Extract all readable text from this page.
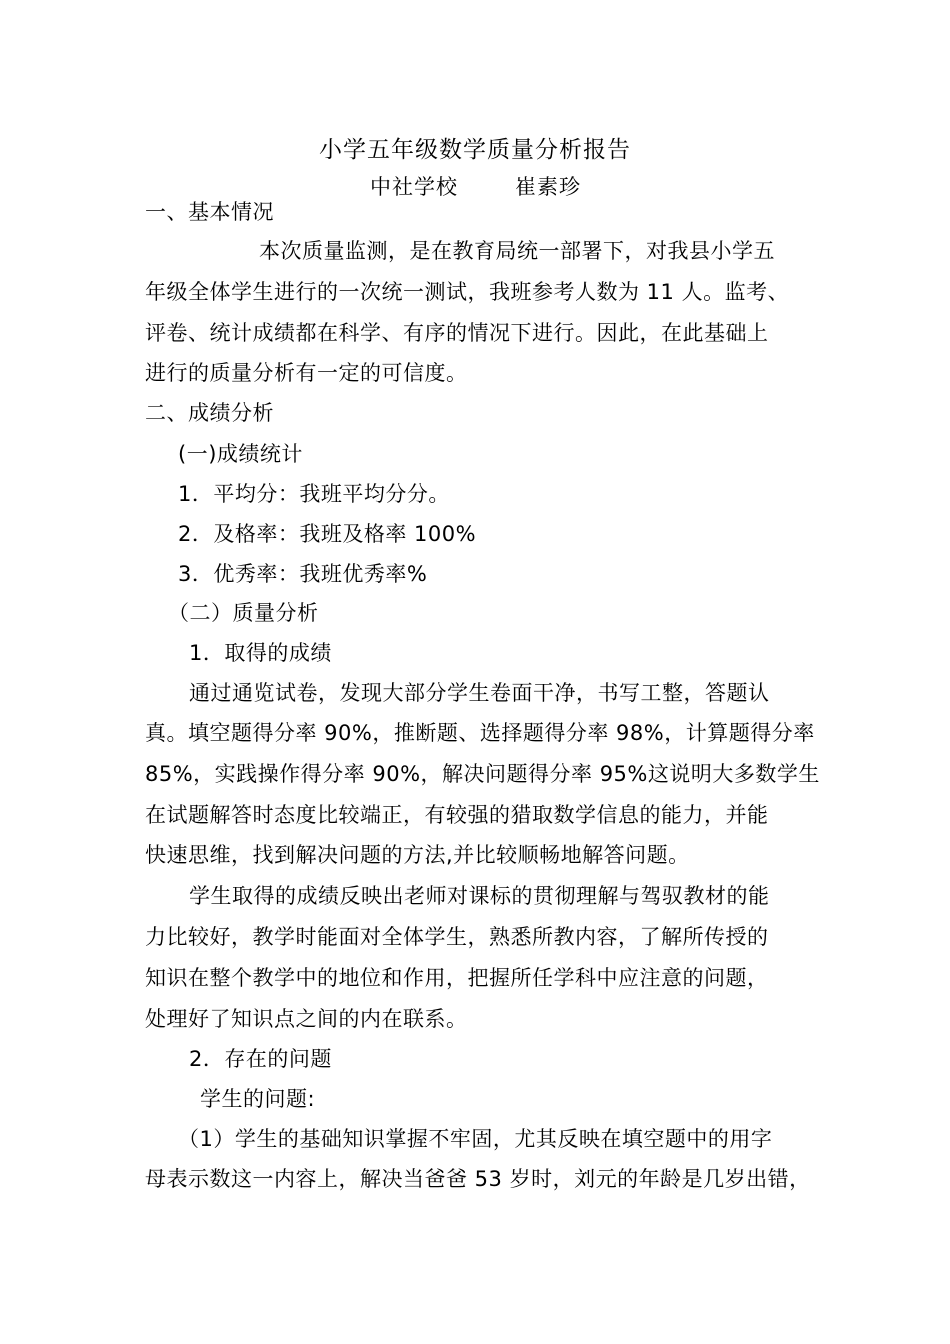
小学五年级数学质量分析报告
中社学校	崔素珍
一、基本情况
本次质量监测，是在教育局统一部署下，对我县小学五
年级全体学生进行的一次统一测试，我班参考人数为 11 人。监考、
评卷、统计成绩都在科学、有序的情况下进行。因此，在此基础上
进行的质量分析有一定的可信度。
二、成绩分析
(一)成绩统计
1．平均分：我班平均分分。
2．及格率：我班及格率 100%
3．优秀率：我班优秀率%
（二）质量分析
1．取得的成绩
通过通览试卷，发现大部分学生卷面干净，书写工整，答题认
真。填空题得分率 90%，推断题、选择题得分率 98%，计算题得分率
85%，实践操作得分率 90%，解决问题得分率 95%这说明大多数学生
在试题解答时态度比较端正，有较强的猎取数学信息的能力，并能
快速思维，找到解决问题的方法,并比较顺畅地解答问题。
学生取得的成绩反映出老师对课标的贯彻理解与驾驭教材的能
力比较好，教学时能面对全体学生，熟悉所教内容，了解所传授的
知识在整个教学中的地位和作用，把握所任学科中应注意的问题，
处理好了知识点之间的内在联系。
2．存在的问题
学生的问题:
（1）学生的基础知识掌握不牢固，尤其反映在填空题中的用字
母表示数这一内容上，解决当爸爸 53 岁时，刘元的年龄是几岁出错，
